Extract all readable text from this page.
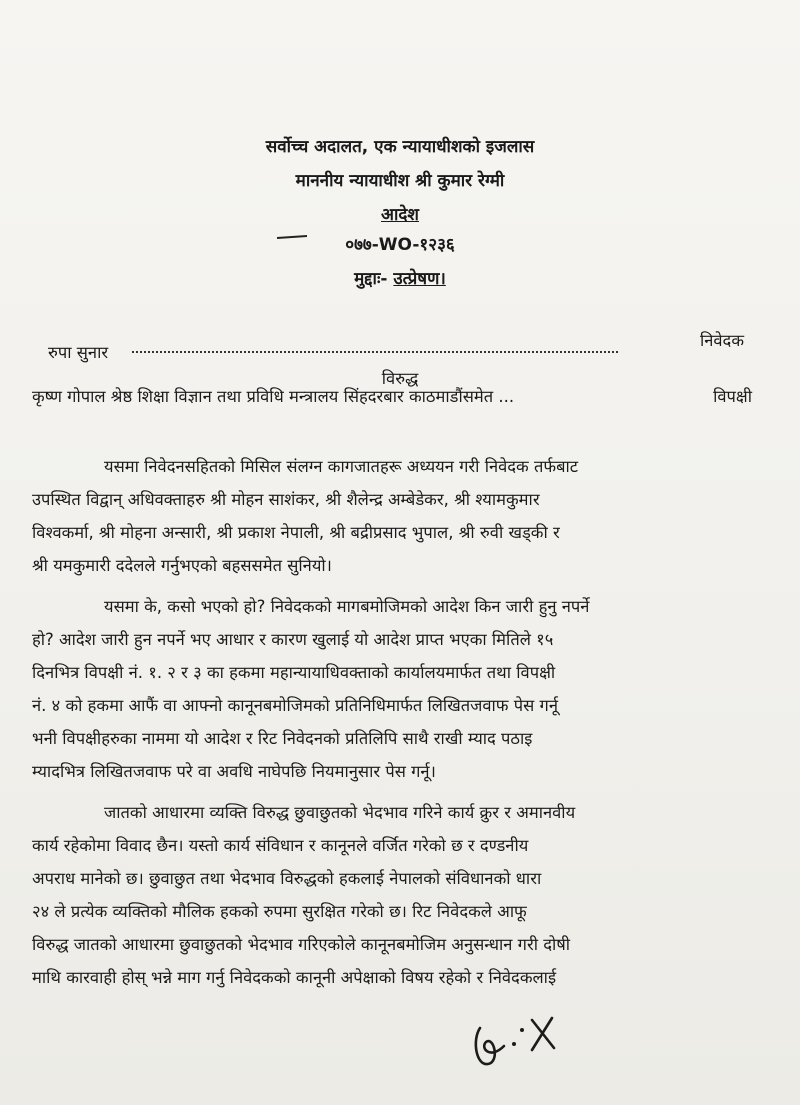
सर्वोच्च अदालत, एक न्यायाधीशको इजलास
माननीय न्यायाधीश श्री कुमार रेग्मी
आदेश
०७७-WO-१२३६
मुद्दाः- उत्प्रेषण।
रुपा सुनार
निवेदक
विरुद्ध
कृष्ण गोपाल श्रेष्ठ शिक्षा विज्ञान तथा प्रविधि मन्त्रालय सिंहदरबार काठमाडौंसमेत ...	विपक्षी
यसमा निवेदनसहितको मिसिल संलग्न कागजातहरू अध्ययन गरी निवेदक तर्फबाट
उपस्थित विद्वान् अधिवक्ताहरु श्री मोहन साशंकर, श्री शैलेन्द्र अम्बेडेकर, श्री श्यामकुमार
विश्वकर्मा, श्री मोहना अन्सारी, श्री प्रकाश नेपाली, श्री बद्रीप्रसाद भुपाल, श्री रुवी खड्की र
श्री यमकुमारी ददेलले गर्नुभएको बहससमेत सुनियो।
यसमा के, कसो भएको हो? निवेदकको मागबमोजिमको आदेश किन जारी हुनु नपर्ने
हो? आदेश जारी हुन नपर्ने भए आधार र कारण खुलाई यो आदेश प्राप्त भएका मितिले १५
दिनभित्र विपक्षी नं. १. २ र ३ का हकमा महान्यायाधिवक्ताको कार्यालयमार्फत तथा विपक्षी
नं. ४ को हकमा आफैं वा आफ्नो कानूनबमोजिमको प्रतिनिधिमार्फत लिखितजवाफ पेस गर्नू
भनी विपक्षीहरुका नाममा यो आदेश र रिट निवेदनको प्रतिलिपि साथै राखी म्याद पठाइ
म्यादभित्र लिखितजवाफ परे वा अवधि नाघेपछि नियमानुसार पेस गर्नू।
जातको आधारमा व्यक्ति विरुद्ध छुवाछुतको भेदभाव गरिने कार्य क्रुर र अमानवीय
कार्य रहेकोमा विवाद छैन। यस्तो कार्य संविधान र कानूनले वर्जित गरेको छ र दण्डनीय
अपराध मानेको छ। छुवाछुत तथा भेदभाव विरुद्धको हकलाई नेपालको संविधानको धारा
२४ ले प्रत्येक व्यक्तिको मौलिक हकको रुपमा सुरक्षित गरेको छ। रिट निवेदकले आफू
विरुद्ध जातको आधारमा छुवाछुतको भेदभाव गरिएकोले कानूनबमोजिम अनुसन्धान गरी दोषी
माथि कारवाही होस् भन्ने माग गर्नु निवेदकको कानूनी अपेक्षाको विषय रहेको र निवेदकलाई
